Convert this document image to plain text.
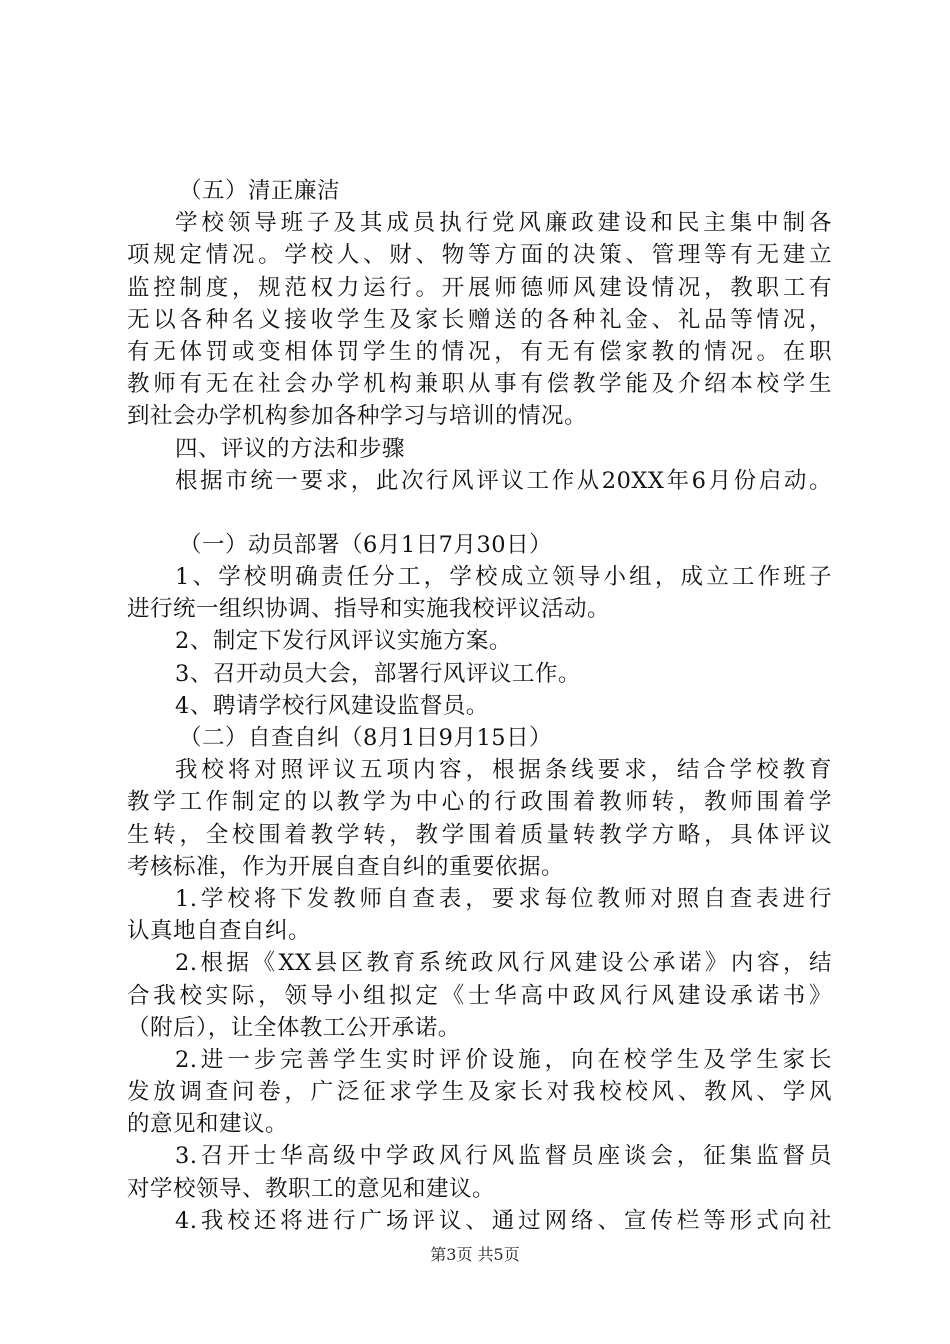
（五）清正廉洁
学校领导班子及其成员执行党风廉政建设和民主集中制各
项规定情况。学校人、财、物等方面的决策、管理等有无建立
监控制度，规范权力运行。开展师德师风建设情况，教职工有
无以各种名义接收学生及家长赠送的各种礼金、礼品等情况，
有无体罚或变相体罚学生的情况，有无有偿家教的情况。在职
教师有无在社会办学机构兼职从事有偿教学能及介绍本校学生
到社会办学机构参加各种学习与培训的情况。
四、评议的方法和步骤
根据市统一要求，此次行风评议工作从20XX年6月份启动。
（一）动员部署（6月1日7月30日）
1、学校明确责任分工，学校成立领导小组，成立工作班子
进行统一组织协调、指导和实施我校评议活动。
2、制定下发行风评议实施方案。
3、召开动员大会，部署行风评议工作。
4、聘请学校行风建设监督员。
（二）自查自纠（8月1日9月15日）
我校将对照评议五项内容，根据条线要求，结合学校教育
教学工作制定的以教学为中心的行政围着教师转，教师围着学
生转，全校围着教学转，教学围着质量转教学方略，具体评议
考核标准，作为开展自查自纠的重要依据。
1.学校将下发教师自查表，要求每位教师对照自查表进行
认真地自查自纠。
2.根据《XX县区教育系统政风行风建设公承诺》内容，结
合我校实际，领导小组拟定《士华高中政风行风建设承诺书》
（附后），让全体教工公开承诺。
2.进一步完善学生实时评价设施，向在校学生及学生家长
发放调查问卷，广泛征求学生及家长对我校校风、教风、学风
的意见和建议。
3.召开士华高级中学政风行风监督员座谈会，征集监督员
对学校领导、教职工的意见和建议。
4.我校还将进行广场评议、通过网络、宣传栏等形式向社
第3页 共5页
